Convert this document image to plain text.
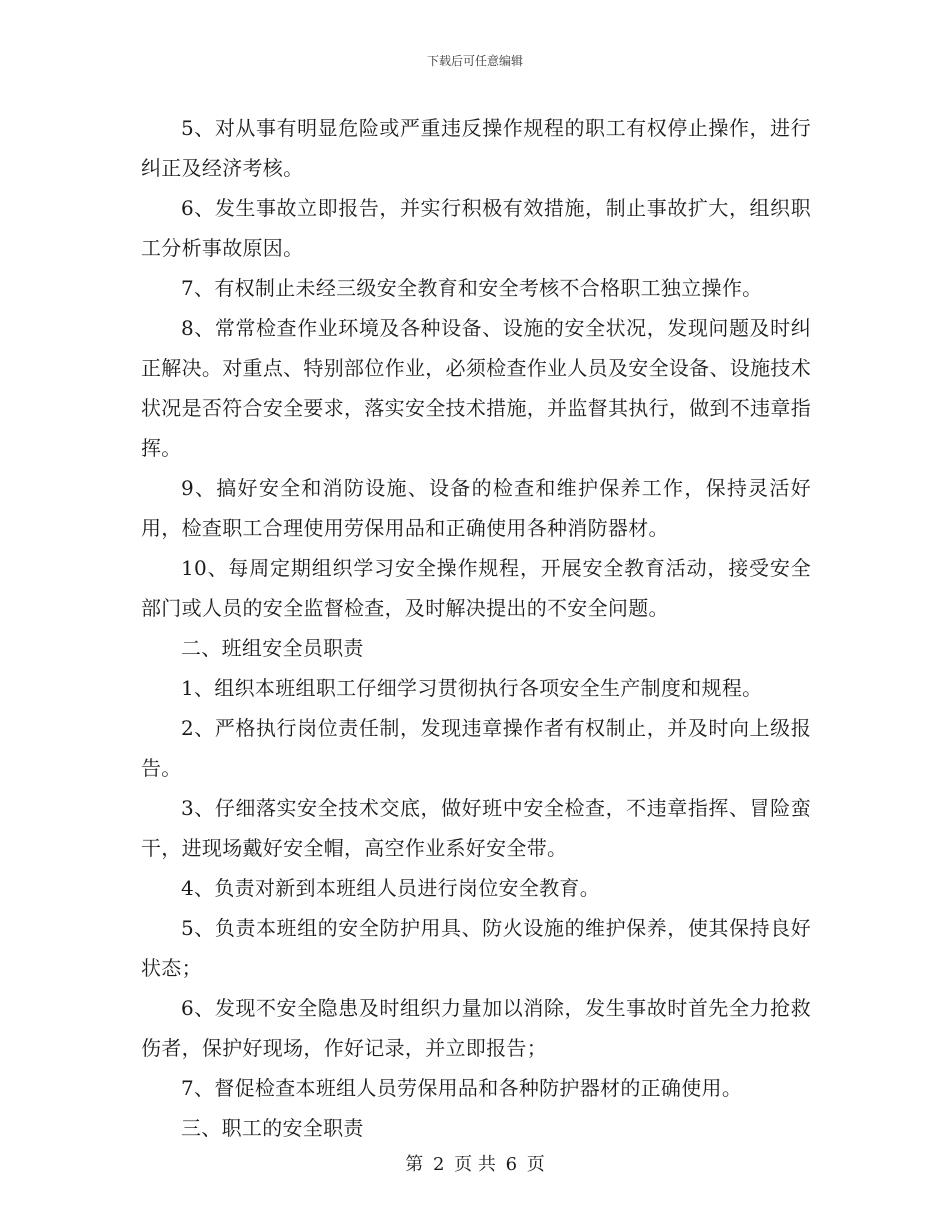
下载后可任意编辑

5、对从事有明显危险或严重违反操作规程的职工有权停止操作，进行纠正及经济考核。

6、发生事故立即报告，并实行积极有效措施，制止事故扩大，组织职工分析事故原因。

7、有权制止未经三级安全教育和安全考核不合格职工独立操作。

8、常常检查作业环境及各种设备、设施的安全状况，发现问题及时纠正解决。对重点、特别部位作业，必须检查作业人员及安全设备、设施技术状况是否符合安全要求，落实安全技术措施，并监督其执行，做到不违章指挥。

9、搞好安全和消防设施、设备的检查和维护保养工作，保持灵活好用，检查职工合理使用劳保用品和正确使用各种消防器材。

10、每周定期组织学习安全操作规程，开展安全教育活动，接受安全部门或人员的安全监督检查，及时解决提出的不安全问题。

二、班组安全员职责

1、组织本班组职工仔细学习贯彻执行各项安全生产制度和规程。

2、严格执行岗位责任制，发现违章操作者有权制止，并及时向上级报告。

3、仔细落实安全技术交底，做好班中安全检查，不违章指挥、冒险蛮干，进现场戴好安全帽，高空作业系好安全带。

4、负责对新到本班组人员进行岗位安全教育。

5、负责本班组的安全防护用具、防火设施的维护保养，使其保持良好状态；

6、发现不安全隐患及时组织力量加以消除，发生事故时首先全力抢救伤者，保护好现场，作好记录，并立即报告；

7、督促检查本班组人员劳保用品和各种防护器材的正确使用。

三、职工的安全职责

第 2 页 共 6 页
